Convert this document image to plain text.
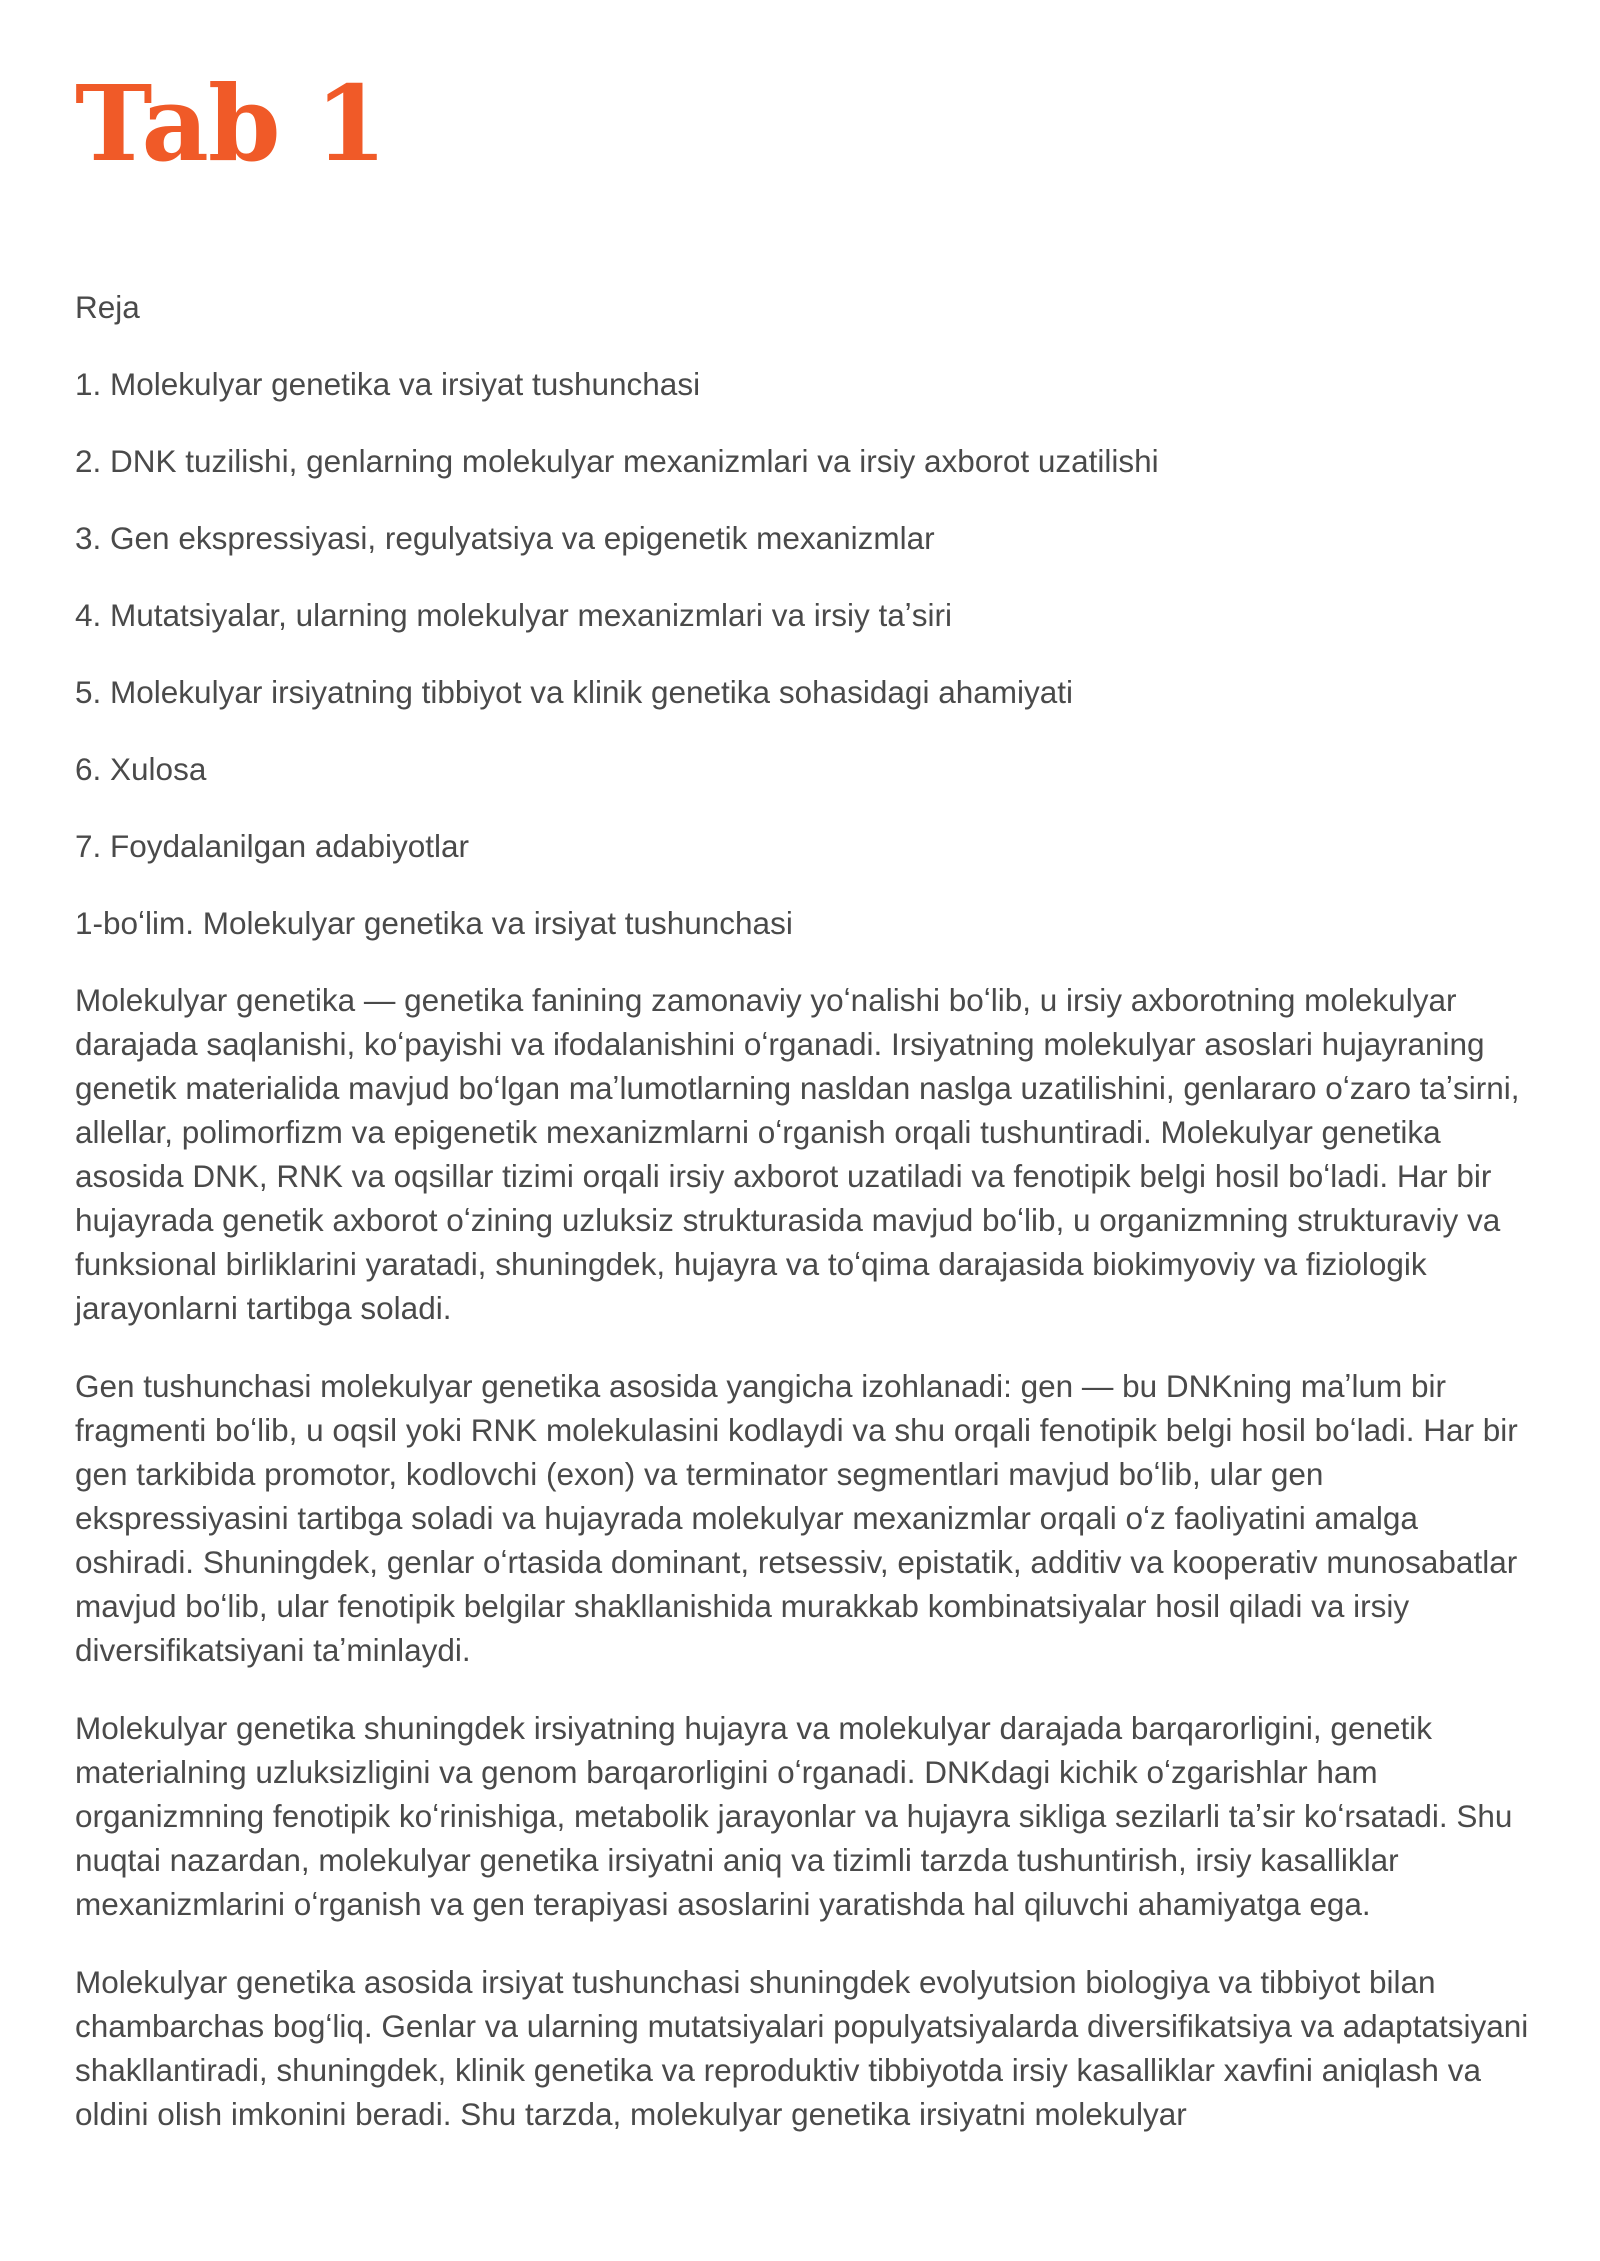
Tab 1

Reja

1. Molekulyar genetika va irsiyat tushunchasi

2. DNK tuzilishi, genlarning molekulyar mexanizmlari va irsiy axborot uzatilishi

3. Gen ekspressiyasi, regulyatsiya va epigenetik mexanizmlar

4. Mutatsiyalar, ularning molekulyar mexanizmlari va irsiy taʼsiri

5. Molekulyar irsiyatning tibbiyot va klinik genetika sohasidagi ahamiyati

6. Xulosa

7. Foydalanilgan adabiyotlar

1-boʻlim. Molekulyar genetika va irsiyat tushunchasi

Molekulyar genetika — genetika fanining zamonaviy yoʻnalishi boʻlib, u irsiy axborotning molekulyar darajada saqlanishi, koʻpayishi va ifodalanishini oʻrganadi. Irsiyatning molekulyar asoslari hujayraning genetik materialida mavjud boʻlgan maʼlumotlarning nasldan naslga uzatilishini, genlararo oʻzaro taʼsirni, allellar, polimorfizm va epigenetik mexanizmlarni oʻrganish orqali tushuntiradi. Molekulyar genetika asosida DNK, RNK va oqsillar tizimi orqali irsiy axborot uzatiladi va fenotipik belgi hosil boʻladi. Har bir hujayrada genetik axborot oʻzining uzluksiz strukturasida mavjud boʻlib, u organizmning strukturaviy va funksional birliklarini yaratadi, shuningdek, hujayra va toʻqima darajasida biokimyoviy va fiziologik jarayonlarni tartibga soladi.

Gen tushunchasi molekulyar genetika asosida yangicha izohlanadi: gen — bu DNKning maʼlum bir fragmenti boʻlib, u oqsil yoki RNK molekulasini kodlaydi va shu orqali fenotipik belgi hosil boʻladi. Har bir gen tarkibida promotor, kodlovchi (exon) va terminator segmentlari mavjud boʻlib, ular gen ekspressiyasini tartibga soladi va hujayrada molekulyar mexanizmlar orqali oʻz faoliyatini amalga oshiradi. Shuningdek, genlar oʻrtasida dominant, retsessiv, epistatik, additiv va kooperativ munosabatlar mavjud boʻlib, ular fenotipik belgilar shakllanishida murakkab kombinatsiyalar hosil qiladi va irsiy diversifikatsiyani taʼminlaydi.

Molekulyar genetika shuningdek irsiyatning hujayra va molekulyar darajada barqarorligini, genetik materialning uzluksizligini va genom barqarorligini oʻrganadi. DNKdagi kichik oʻzgarishlar ham organizmning fenotipik koʻrinishiga, metabolik jarayonlar va hujayra sikliga sezilarli taʼsir koʻrsatadi. Shu nuqtai nazardan, molekulyar genetika irsiyatni aniq va tizimli tarzda tushuntirish, irsiy kasalliklar mexanizmlarini oʻrganish va gen terapiyasi asoslarini yaratishda hal qiluvchi ahamiyatga ega.

Molekulyar genetika asosida irsiyat tushunchasi shuningdek evolyutsion biologiya va tibbiyot bilan chambarchas bogʻliq. Genlar va ularning mutatsiyalari populyatsiyalarda diversifikatsiya va adaptatsiyani shakllantiradi, shuningdek, klinik genetika va reproduktiv tibbiyotda irsiy kasalliklar xavfini aniqlash va oldini olish imkonini beradi. Shu tarzda, molekulyar genetika irsiyatni molekulyar
